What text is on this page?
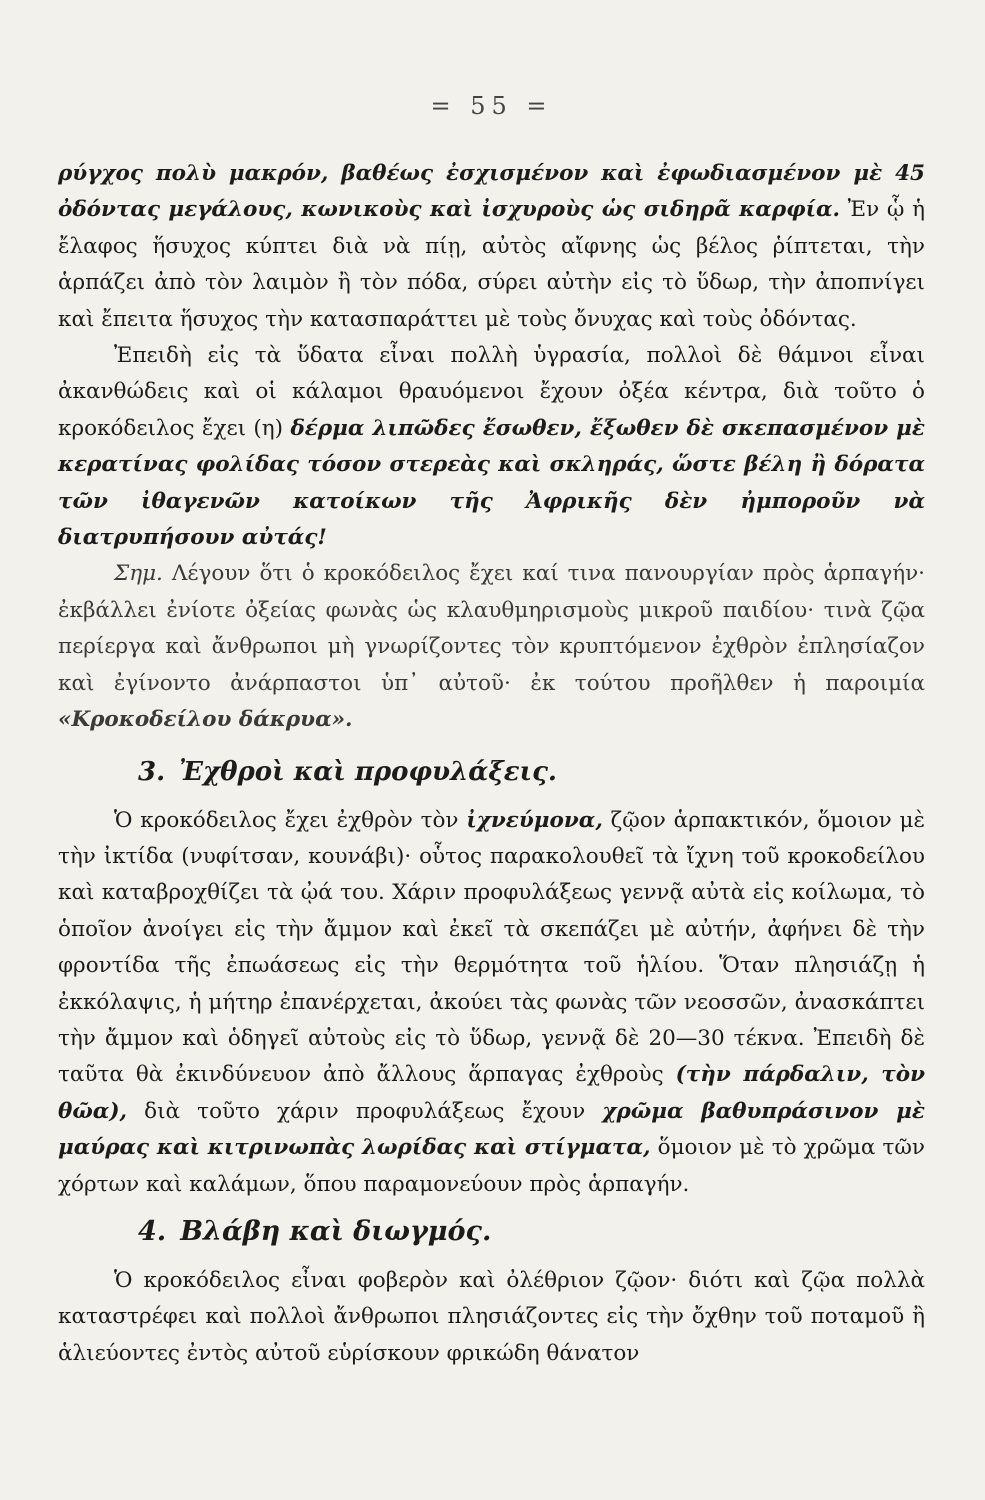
= 55 =

ρύγχος πολὺ μακρόν, βαθέως ἐσχισμένον καὶ ἐφωδιασμένον μὲ 45 ὀδόντας μεγάλους, κωνικοὺς καὶ ἰσχυροὺς ὡς σιδηρᾶ καρφία. Ἐν ᾧ ἡ ἔλαφος ἥσυχος κύπτει διὰ νὰ πίῃ, αὐτὸς αἴφνης ὡς βέλος ῥίπτεται, τὴν ἁρπάζει ἀπὸ τὸν λαιμὸν ἢ τὸν πόδα, σύρει αὐτὴν εἰς τὸ ὕδωρ, τὴν ἀποπνίγει καὶ ἔπειτα ἥσυχος τὴν κατασπαράττει μὲ τοὺς ὄνυχας καὶ τοὺς ὀδόντας.

Ἐπειδὴ εἰς τὰ ὕδατα εἶναι πολλὴ ὑγρασία, πολλοὶ δὲ θάμνοι εἶναι ἀκανθώδεις καὶ οἱ κάλαμοι θραυόμενοι ἔχουν ὀξέα κέντρα, διὰ τοῦτο ὁ κροκόδειλος ἔχει (η) δέρμα λιπῶδες ἔσωθεν, ἔξωθεν δὲ σκεπασμένον μὲ κερατίνας φολίδας τόσον στερεὰς καὶ σκληράς, ὥστε βέλη ἢ δόρατα τῶν ἰθαγενῶν κατοίκων τῆς Ἀφρικῆς δὲν ἠμποροῦν νὰ διατρυπήσουν αὐτάς!

Σημ. Λέγουν ὅτι ὁ κροκόδειλος ἔχει καί τινα πανουργίαν πρὸς ἁρπαγήν· ἐκβάλλει ἐνίοτε ὀξείας φωνὰς ὡς κλαυθμηρισμοὺς μικροῦ παιδίου· τινὰ ζῷα περίεργα καὶ ἄνθρωποι μὴ γνωρίζοντες τὸν κρυπτόμενον ἐχθρὸν ἐπλησίαζον καὶ ἐγίνοντο ἀνάρπαστοι ὑπ᾽ αὐτοῦ· ἐκ τούτου προῆλθεν ἡ παροιμία «Κροκοδείλου δάκρυα».

3. Ἐχθροὶ καὶ προφυλάξεις.

Ὁ κροκόδειλος ἔχει ἐχθρὸν τὸν ἰχνεύμονα, ζῷον ἁρπακτικόν, ὅμοιον μὲ τὴν ἰκτίδα (νυφίτσαν, κουνάβι)· οὗτος παρακολουθεῖ τὰ ἴχνη τοῦ κροκοδείλου καὶ καταβροχθίζει τὰ ᾠά του. Χάριν προφυλάξεως γεννᾷ αὐτὰ εἰς κοίλωμα, τὸ ὁποῖον ἀνοίγει εἰς τὴν ἄμμον καὶ ἐκεῖ τὰ σκεπάζει μὲ αὐτήν, ἀφήνει δὲ τὴν φροντίδα τῆς ἐπωάσεως εἰς τὴν θερμότητα τοῦ ἡλίου. Ὅταν πλησιάζῃ ἡ ἐκκόλαψις, ἡ μήτηρ ἐπανέρχεται, ἀκούει τὰς φωνὰς τῶν νεοσσῶν, ἀνασκάπτει τὴν ἄμμον καὶ ὁδηγεῖ αὐτοὺς εἰς τὸ ὕδωρ, γεννᾷ δὲ 20—30 τέκνα. Ἐπειδὴ δὲ ταῦτα θὰ ἐκινδύνευον ἀπὸ ἄλλους ἅρπαγας ἐχθροὺς (τὴν πάρδαλιν, τὸν θῶα), διὰ τοῦτο χάριν προφυλάξεως ἔχουν χρῶμα βαθυπράσινον μὲ μαύρας καὶ κιτρινωπὰς λωρίδας καὶ στίγματα, ὅμοιον μὲ τὸ χρῶμα τῶν χόρτων καὶ καλάμων, ὅπου παραμονεύουν πρὸς ἁρπαγήν.

4. Βλάβη καὶ διωγμός.

Ὁ κροκόδειλος εἶναι φοβερὸν καὶ ὀλέθριον ζῷον· διότι καὶ ζῷα πολλὰ καταστρέφει καὶ πολλοὶ ἄνθρωποι πλησιάζοντες εἰς τὴν ὄχθην τοῦ ποταμοῦ ἢ ἁλιεύοντες ἐντὸς αὐτοῦ εὑρίσκουν φρικώδη θάνατον
